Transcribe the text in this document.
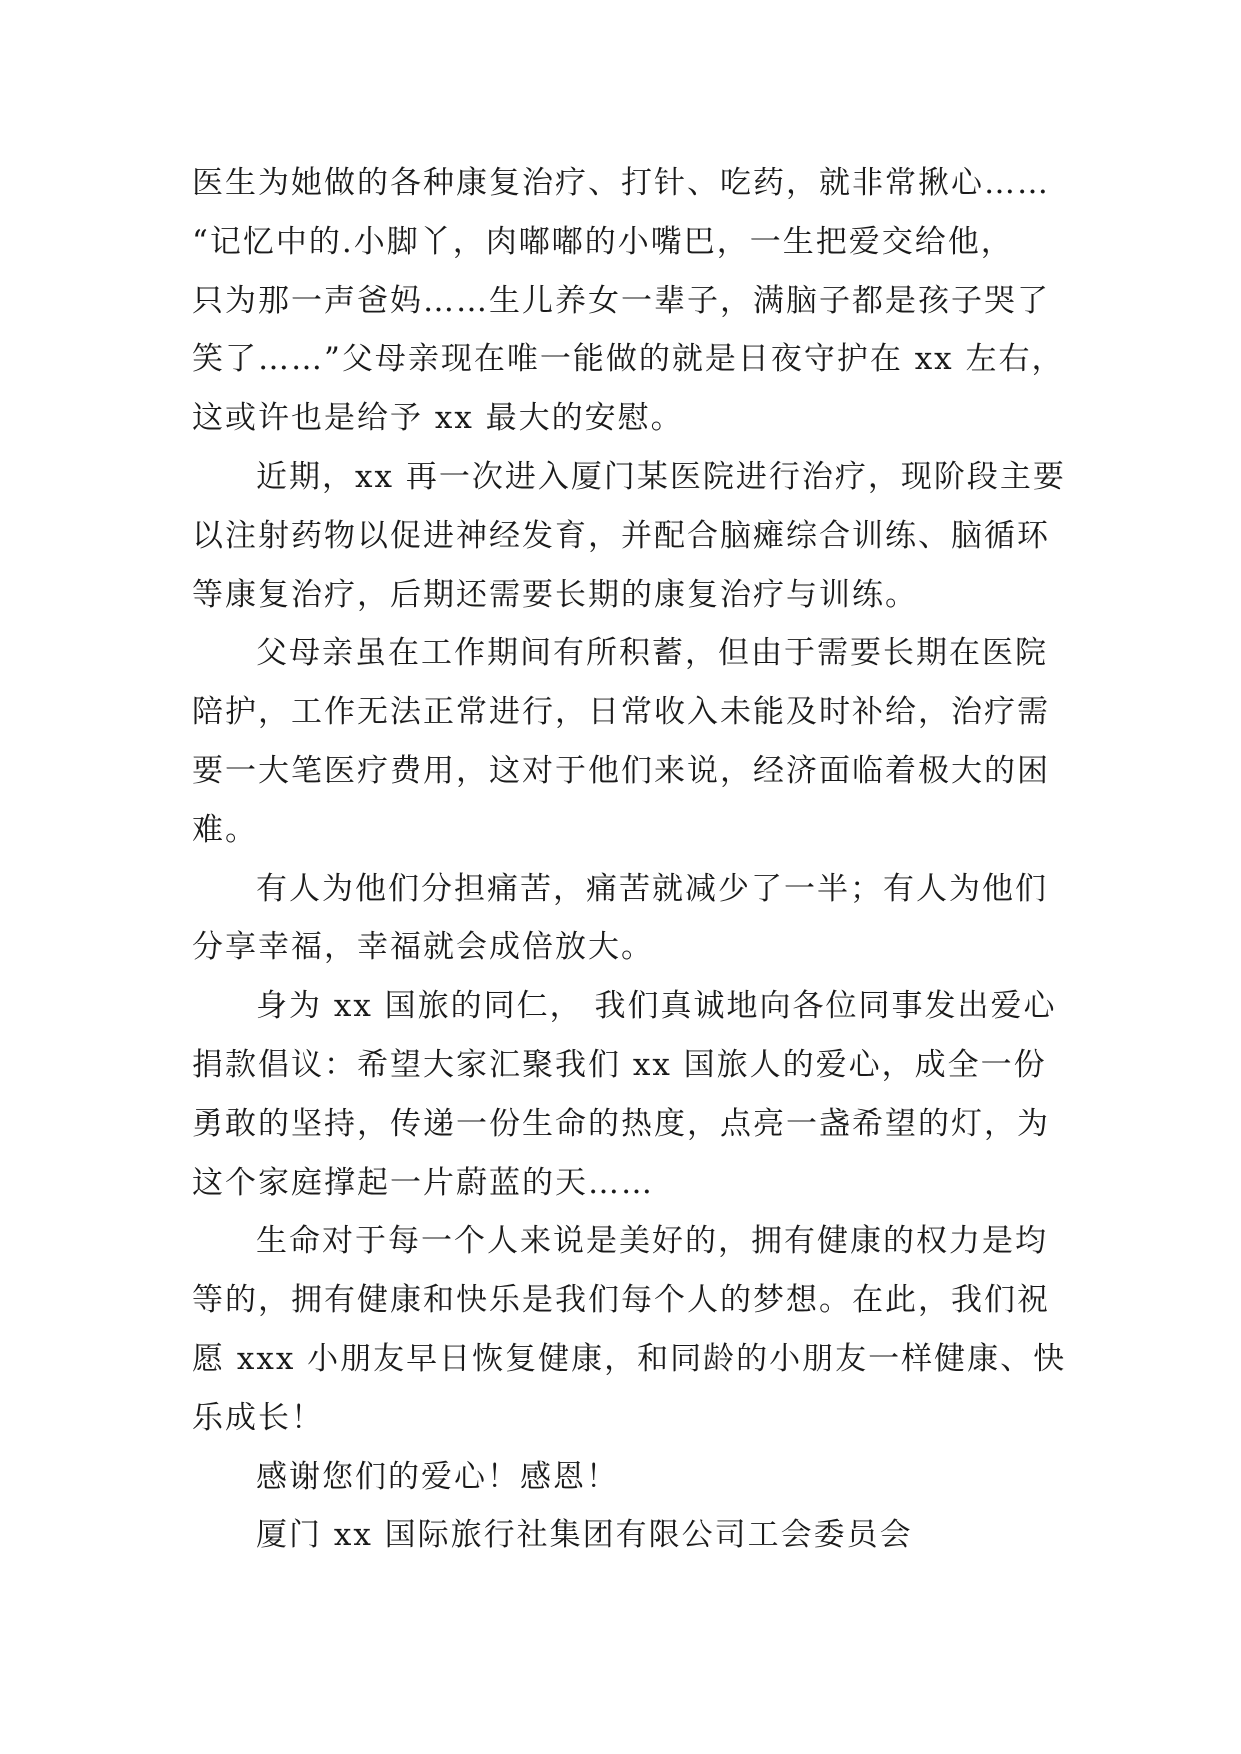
医生为她做的各种康复治疗、打针、吃药，就非常揪心……
“记忆中的.小脚丫，肉嘟嘟的小嘴巴，一生把爱交给他，
只为那一声爸妈……生儿养女一辈子，满脑子都是孩子哭了
笑了……”父母亲现在唯一能做的就是日夜守护在 xx 左右，
这或许也是给予 xx 最大的安慰。
近期，xx 再一次进入厦门某医院进行治疗，现阶段主要
以注射药物以促进神经发育，并配合脑瘫综合训练、脑循环
等康复治疗，后期还需要长期的康复治疗与训练。
父母亲虽在工作期间有所积蓄，但由于需要长期在医院
陪护，工作无法正常进行，日常收入未能及时补给，治疗需
要一大笔医疗费用，这对于他们来说，经济面临着极大的困
难。
有人为他们分担痛苦，痛苦就减少了一半；有人为他们
分享幸福，幸福就会成倍放大。
身为 xx 国旅的同仁， 我们真诚地向各位同事发出爱心
捐款倡议：希望大家汇聚我们 xx 国旅人的爱心，成全一份
勇敢的坚持，传递一份生命的热度，点亮一盏希望的灯，为
这个家庭撑起一片蔚蓝的天……
生命对于每一个人来说是美好的，拥有健康的权力是均
等的，拥有健康和快乐是我们每个人的梦想。在此，我们祝
愿 xxx 小朋友早日恢复健康，和同龄的小朋友一样健康、快
乐成长！
感谢您们的爱心！感恩！
厦门 xx 国际旅行社集团有限公司工会委员会
